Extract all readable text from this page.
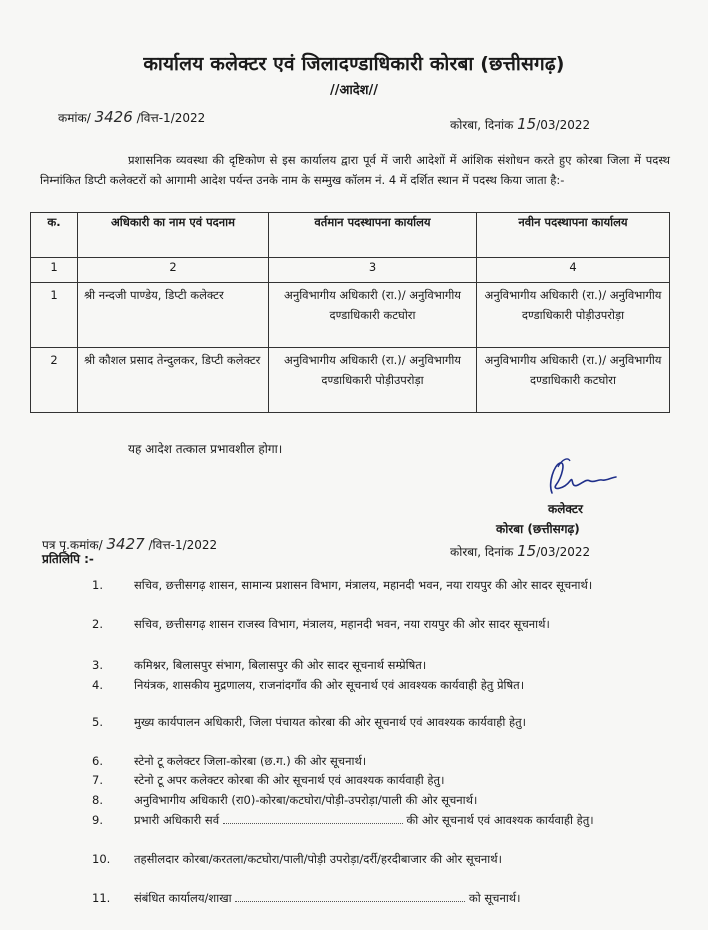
कार्यालय कलेक्टर एवं जिलादण्डाधिकारी कोरबा (छत्तीसगढ़)
//आदेश//
कमांक/ 3426 /वित्त-1/2022	कोरबा, दिनांक 15/03/2022
प्रशासनिक व्यवस्था की दृष्टिकोण से इस कार्यालय द्वारा पूर्व में जारी आदेशों में आंशिक संशोधन करते हुए कोरबा जिला में पदस्थ निम्नांकित डिप्टी कलेक्टरों को आगामी आदेश पर्यन्त उनके नाम के सम्मुख कॉलम नं. 4 में दर्शित स्थान में पदस्थ किया जाता है:-
क.	अधिकारी का नाम एवं पदनाम	वर्तमान पदस्थापना कार्यालय	नवीन पदस्थापना कार्यालय
1	2	3	4
1	श्री नन्दजी पाण्डेय, डिप्टी कलेक्टर	अनुविभागीय अधिकारी (रा.)/ अनुविभागीय दण्डाधिकारी कटघोरा	अनुविभागीय अधिकारी (रा.)/ अनुविभागीय दण्डाधिकारी पोड़ीउपरोड़ा
2	श्री कौशल प्रसाद तेन्दुलकर, डिप्टी कलेक्टर	अनुविभागीय अधिकारी (रा.)/ अनुविभागीय दण्डाधिकारी पोड़ीउपरोड़ा	अनुविभागीय अधिकारी (रा.)/ अनुविभागीय दण्डाधिकारी कटघोरा
यह आदेश तत्काल प्रभावशील होगा।
कलेक्टर
कोरबा (छत्तीसगढ़)
पत्र पृ.कमांक/ 3427 /वित्त-1/2022	कोरबा, दिनांक 15/03/2022
प्रतिलिपि :-
1.	सचिव, छत्तीसगढ़ शासन, सामान्य प्रशासन विभाग, मंत्रालय, महानदी भवन, नया रायपुर की ओर सादर सूचनार्थ।
2.	सचिव, छत्तीसगढ़ शासन राजस्व विभाग, मंत्रालय, महानदी भवन, नया रायपुर की ओर सादर सूचनार्थ।
3.	कमिश्नर, बिलासपुर संभाग, बिलासपुर की ओर सादर सूचनार्थ सम्प्रेषित।
4.	नियंत्रक, शासकीय मुद्रणालय, राजनांदगाँव की ओर सूचनार्थ एवं आवश्यक कार्यवाही हेतु प्रेषित।
5.	मुख्य कार्यपालन अधिकारी, जिला पंचायत कोरबा की ओर सूचनार्थ एवं आवश्यक कार्यवाही हेतु।
6.	स्टेनो टू कलेक्टर जिला-कोरबा (छ.ग.) की ओर सूचनार्थ।
7.	स्टेनो टू अपर कलेक्टर कोरबा की ओर सूचनार्थ एवं आवश्यक कार्यवाही हेतु।
8.	अनुविभागीय अधिकारी (रा0)-कोरबा/कटघोरा/पोड़ी-उपरोड़ा/पाली की ओर सूचनार्थ।
9.	प्रभारी अधिकारी सर्व	की ओर सूचनार्थ एवं आवश्यक कार्यवाही हेतु।
10.	तहसीलदार कोरबा/करतला/कटघोरा/पाली/पोड़ी उपरोड़ा/दर्री/हरदीबाजार की ओर सूचनार्थ।
11.	संबंधित कार्यालय/शाखा	को सूचनार्थ।
